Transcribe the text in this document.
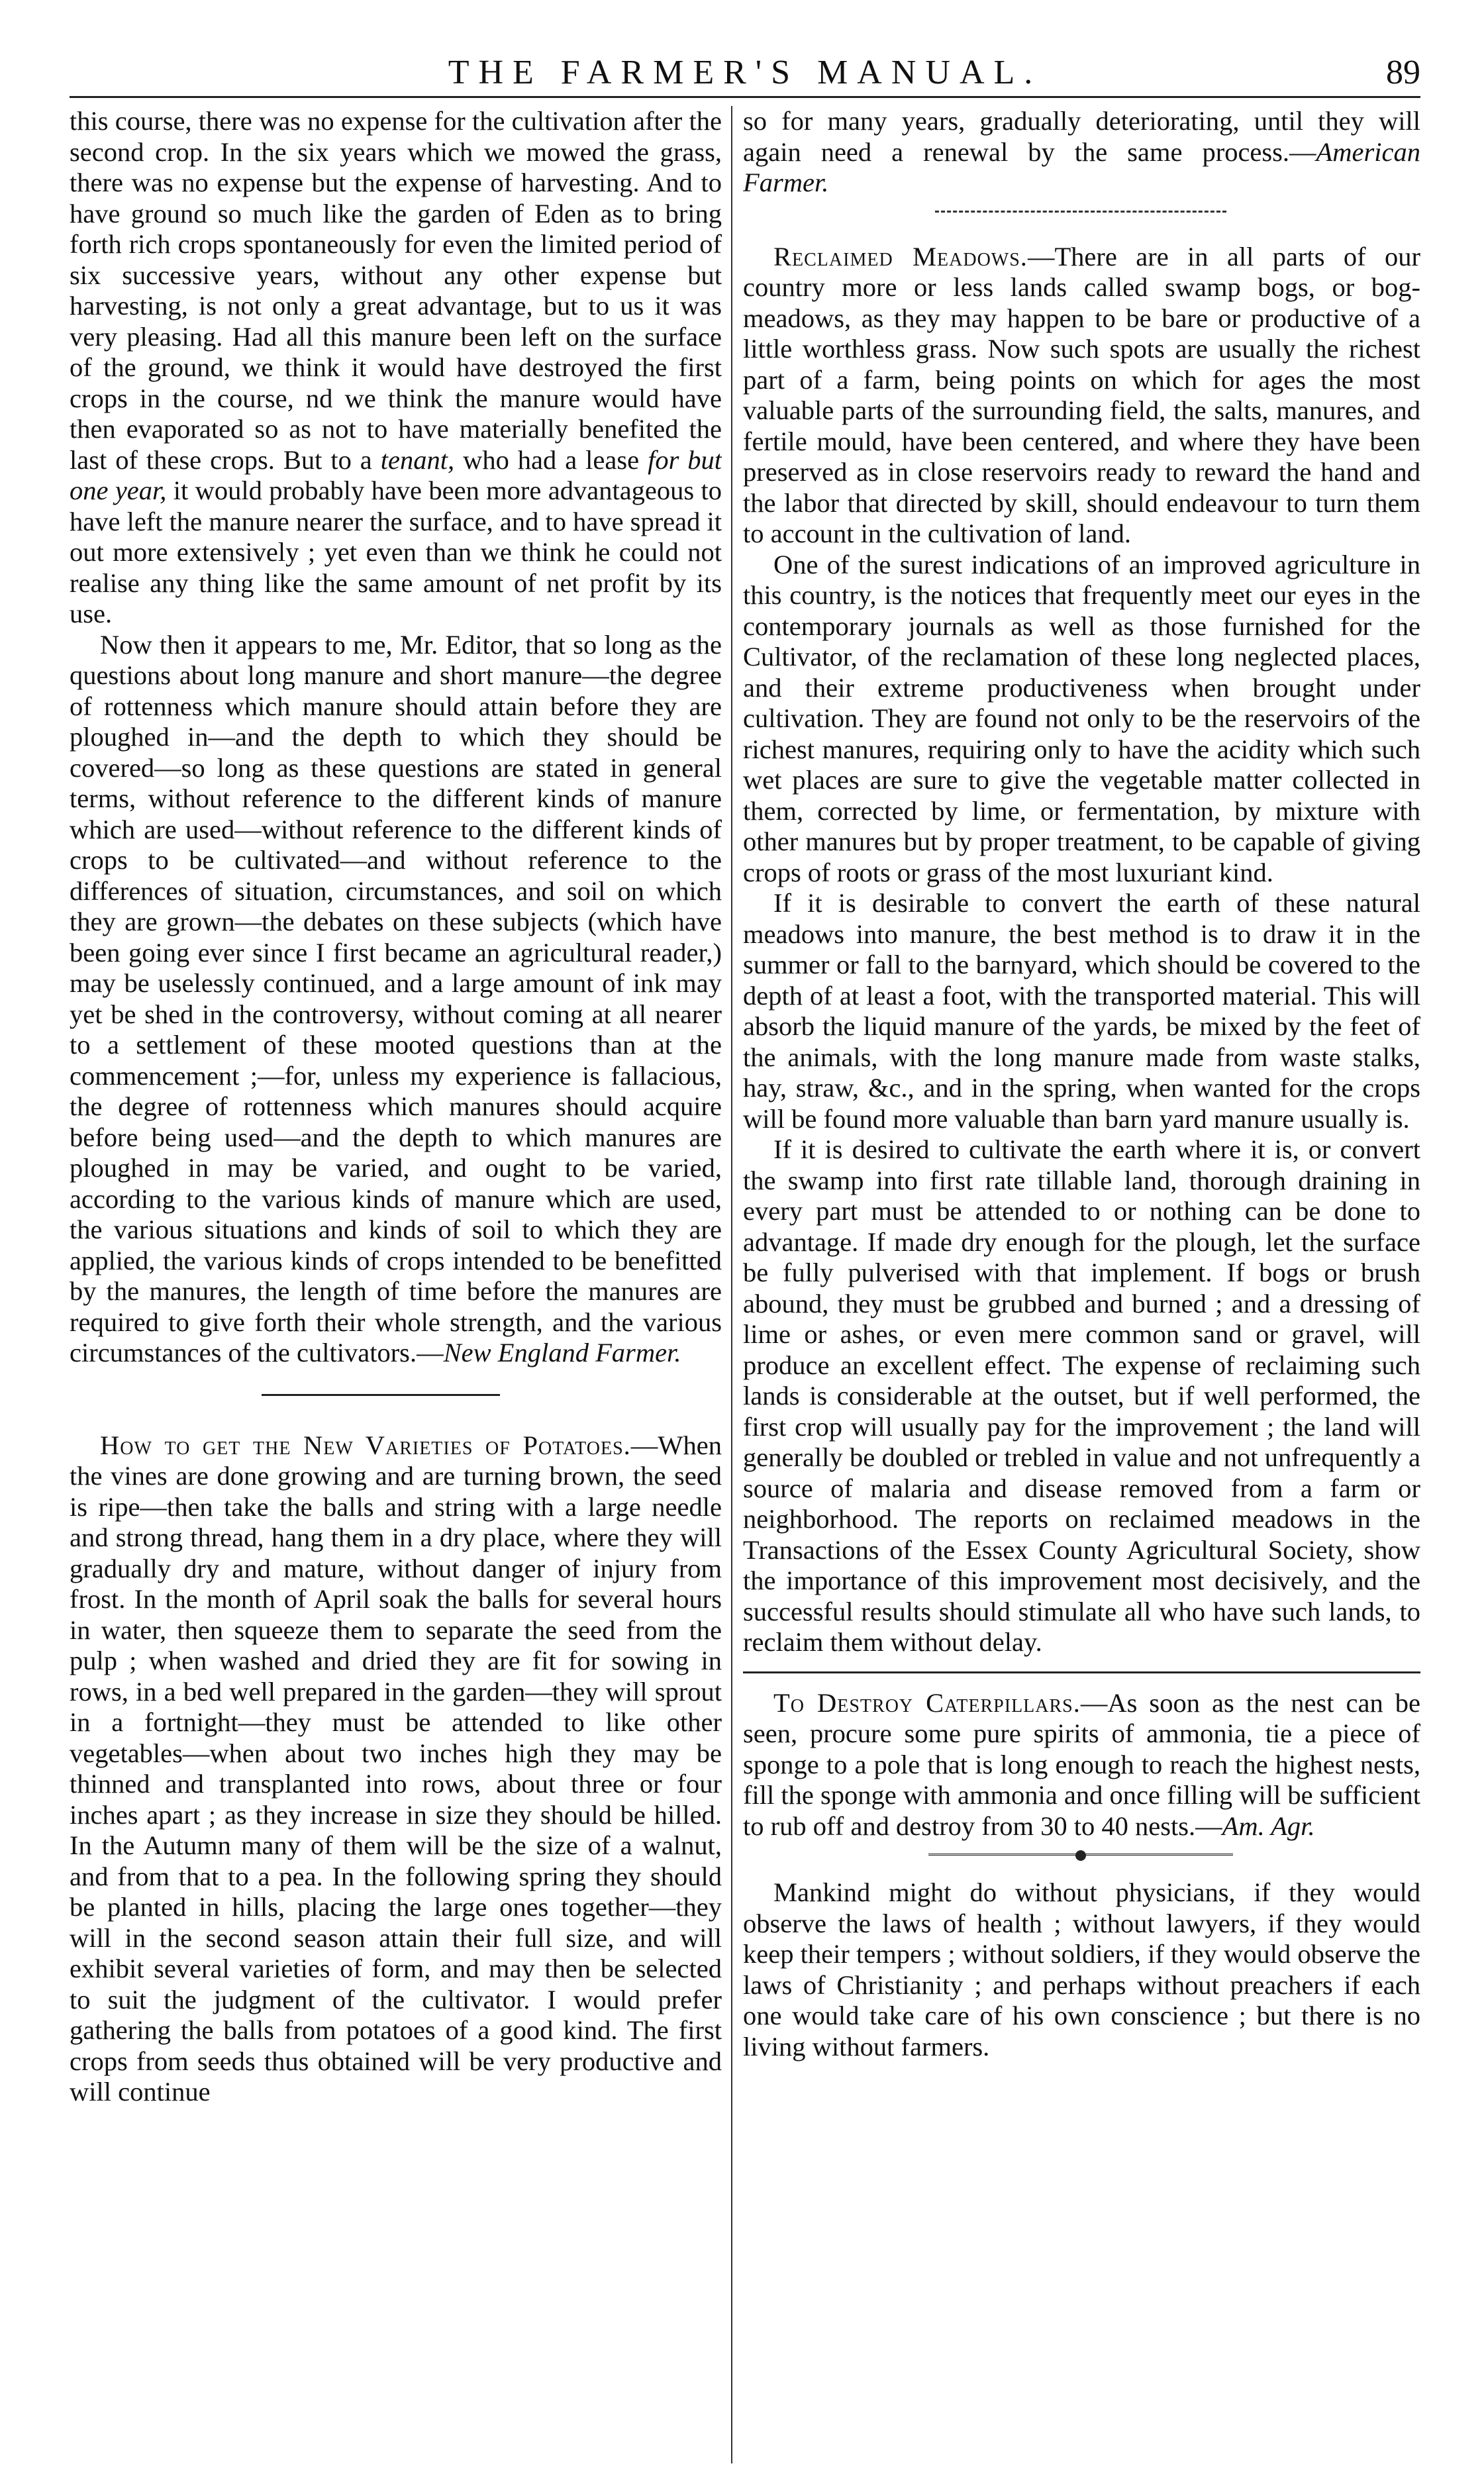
THE FARMER'S MANUAL.	89

this course, there was no expense for the cultivation after the second crop. In the six years which we mowed the grass, there was no expense but the expense of harvesting. And to have ground so much like the garden of Eden as to bring forth rich crops spontaneously for even the limited period of six successive years, without any other expense but harvesting, is not only a great advantage, but to us it was very pleasing. Had all this manure been left on the surface of the ground, we think it would have destroyed the first crops in the course, nd we think the manure would have then evaporated so as not to have materially benefited the last of these crops. But to a tenant, who had a lease for but one year, it would probably have been more advantageous to have left the manure nearer the surface, and to have spread it out more extensively ; yet even than we think he could not realise any thing like the same amount of net profit by its use.

Now then it appears to me, Mr. Editor, that so long as the questions about long manure and short manure—the degree of rottenness which manure should attain before they are ploughed in—and the depth to which they should be covered—so long as these questions are stated in general terms, without reference to the different kinds of manure which are used—without reference to the different kinds of crops to be cultivated—and without reference to the differences of situation, circumstances, and soil on which they are grown—the debates on these subjects (which have been going ever since I first became an agricultural reader,) may be uselessly continued, and a large amount of ink may yet be shed in the controversy, without coming at all nearer to a settlement of these mooted questions than at the commencement ;—for, unless my experience is fallacious, the degree of rottenness which manures should acquire before being used—and the depth to which manures are ploughed in may be varied, and ought to be varied, according to the various kinds of manure which are used, the various situations and kinds of soil to which they are applied, the various kinds of crops intended to be benefitted by the manures, the length of time before the manures are required to give forth their whole strength, and the various circumstances of the cultivators.—New England Farmer.

How to get the New Varieties of Potatoes.—When the vines are done growing and are turning brown, the seed is ripe—then take the balls and string with a large needle and strong thread, hang them in a dry place, where they will gradually dry and mature, without danger of injury from frost. In the month of April soak the balls for several hours in water, then squeeze them to separate the seed from the pulp ; when washed and dried they are fit for sowing in rows, in a bed well prepared in the garden—they will sprout in a fortnight—they must be attended to like other vegetables—when about two inches high they may be thinned and transplanted into rows, about three or four inches apart ; as they increase in size they should be hilled. In the Autumn many of them will be the size of a walnut, and from that to a pea. In the following spring they should be planted in hills, placing the large ones together—they will in the second season attain their full size, and will exhibit several varieties of form, and may then be selected to suit the judgment of the cultivator. I would prefer gathering the balls from potatoes of a good kind. The first crops from seeds thus obtained will be very productive and will continue

so for many years, gradually deteriorating, until they will again need a renewal by the same process.—American Farmer.

Reclaimed Meadows.—There are in all parts of our country more or less lands called swamp bogs, or bog-meadows, as they may happen to be bare or productive of a little worthless grass. Now such spots are usually the richest part of a farm, being points on which for ages the most valuable parts of the surrounding field, the salts, manures, and fertile mould, have been centered, and where they have been preserved as in close reservoirs ready to reward the hand and the labor that directed by skill, should endeavour to turn them to account in the cultivation of land.

One of the surest indications of an improved agriculture in this country, is the notices that frequently meet our eyes in the contemporary journals as well as those furnished for the Cultivator, of the reclamation of these long neglected places, and their extreme productiveness when brought under cultivation. They are found not only to be the reservoirs of the richest manures, requiring only to have the acidity which such wet places are sure to give the vegetable matter collected in them, corrected by lime, or fermentation, by mixture with other manures but by proper treatment, to be capable of giving crops of roots or grass of the most luxuriant kind.

If it is desirable to convert the earth of these natural meadows into manure, the best method is to draw it in the summer or fall to the barnyard, which should be covered to the depth of at least a foot, with the transported material. This will absorb the liquid manure of the yards, be mixed by the feet of the animals, with the long manure made from waste stalks, hay, straw, &c., and in the spring, when wanted for the crops will be found more valuable than barn yard manure usually is.

If it is desired to cultivate the earth where it is, or convert the swamp into first rate tillable land, thorough draining in every part must be attended to or nothing can be done to advantage. If made dry enough for the plough, let the surface be fully pulverised with that implement. If bogs or brush abound, they must be grubbed and burned ; and a dressing of lime or ashes, or even mere common sand or gravel, will produce an excellent effect. The expense of reclaiming such lands is considerable at the outset, but if well performed, the first crop will usually pay for the improvement ; the land will generally be doubled or trebled in value and not unfrequently a source of malaria and disease removed from a farm or neighborhood. The reports on reclaimed meadows in the Transactions of the Essex County Agricultural Society, show the importance of this improvement most decisively, and the successful results should stimulate all who have such lands, to reclaim them without delay.

To Destroy Caterpillars.—As soon as the nest can be seen, procure some pure spirits of ammonia, tie a piece of sponge to a pole that is long enough to reach the highest nests, fill the sponge with ammonia and once filling will be sufficient to rub off and destroy from 30 to 40 nests.—Am. Agr.

Mankind might do without physicians, if they would observe the laws of health ; without lawyers, if they would keep their tempers ; without soldiers, if they would observe the laws of Christianity ; and perhaps without preachers if each one would take care of his own conscience ; but there is no living without farmers.
